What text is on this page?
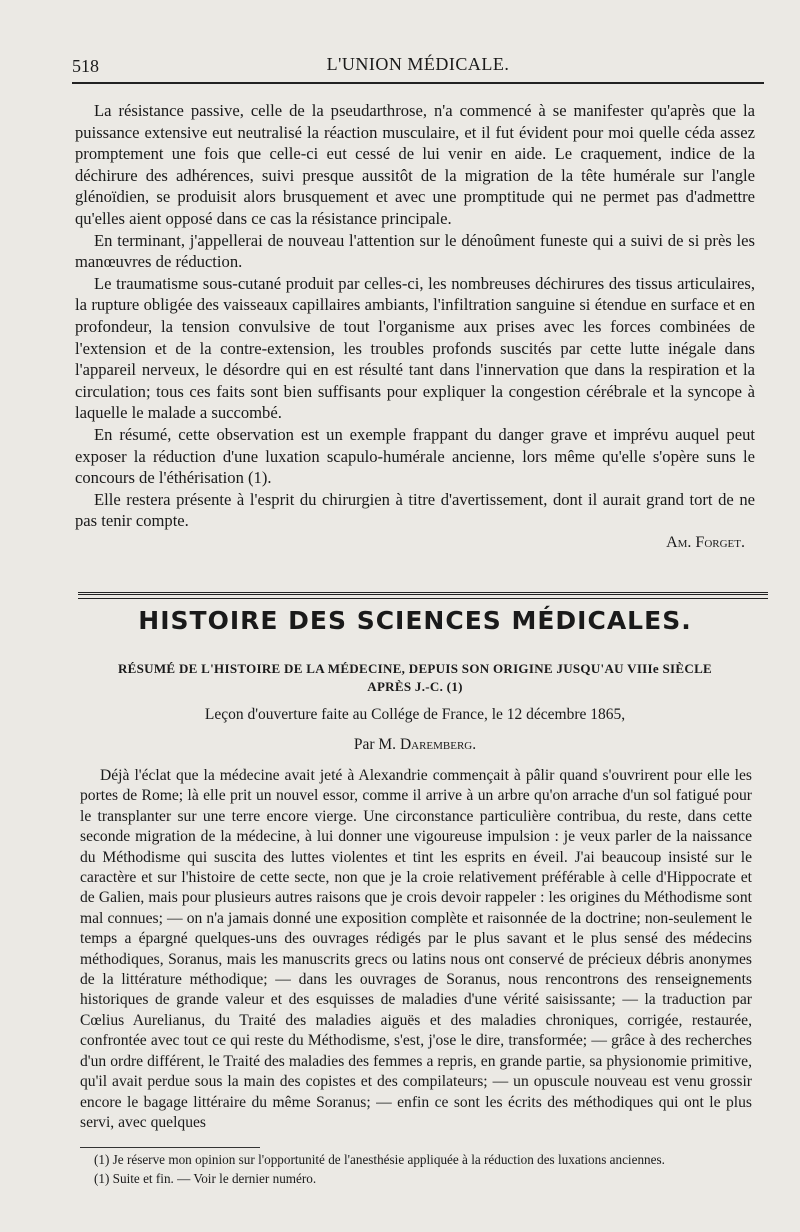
518	L'UNION MÉDICALE.

La résistance passive, celle de la pseudarthrose, n'a commencé à se manifester qu'après que la puissance extensive eut neutralisé la réaction musculaire, et il fut évident pour moi quelle céda assez promptement une fois que celle-ci eut cessé de lui venir en aide. Le craquement, indice de la déchirure des adhérences, suivi presque aussitôt de la migration de la tête humérale sur l'angle glénoïdien, se produisit alors brusquement et avec une promptitude qui ne permet pas d'admettre qu'elles aient opposé dans ce cas la résistance principale.

En terminant, j'appellerai de nouveau l'attention sur le dénoûment funeste qui a suivi de si près les manœuvres de réduction.

Le traumatisme sous-cutané produit par celles-ci, les nombreuses déchirures des tissus articulaires, la rupture obligée des vaisseaux capillaires ambiants, l'infiltration sanguine si étendue en surface et en profondeur, la tension convulsive de tout l'organisme aux prises avec les forces combinées de l'extension et de la contre-extension, les troubles profonds suscités par cette lutte inégale dans l'appareil nerveux, le désordre qui en est résulté tant dans l'innervation que dans la respiration et la circulation; tous ces faits sont bien suffisants pour expliquer la congestion cérébrale et la syncope à laquelle le malade a succombé.

En résumé, cette observation est un exemple frappant du danger grave et imprévu auquel peut exposer la réduction d'une luxation scapulo-humérale ancienne, lors même qu'elle s'opère suns le concours de l'éthérisation (1).

Elle restera présente à l'esprit du chirurgien à titre d'avertissement, dont il aurait grand tort de ne pas tenir compte.

Am. Forget.
HISTOIRE DES SCIENCES MÉDICALES.
RÉSUMÉ DE L'HISTOIRE DE LA MÉDECINE, DEPUIS SON ORIGINE JUSQU'AU VIIIe SIÈCLE
APRÈS J.-C. (1)
Leçon d'ouverture faite au Collége de France, le 12 décembre 1865,
Par M. Daremberg.

Déjà l'éclat que la médecine avait jeté à Alexandrie commençait à pâlir quand s'ouvrirent pour elle les portes de Rome; là elle prit un nouvel essor, comme il arrive à un arbre qu'on arrache d'un sol fatigué pour le transplanter sur une terre encore vierge. Une circonstance particulière contribua, du reste, dans cette seconde migration de la médecine, à lui donner une vigoureuse impulsion : je veux parler de la naissance du Méthodisme qui suscita des luttes violentes et tint les esprits en éveil. J'ai beaucoup insisté sur le caractère et sur l'histoire de cette secte, non que je la croie relativement préférable à celle d'Hippocrate et de Galien, mais pour plusieurs autres raisons que je crois devoir rappeler : les origines du Méthodisme sont mal connues; — on n'a jamais donné une exposition complète et raisonnée de la doctrine; non-seulement le temps a épargné quelques-uns des ouvrages rédigés par le plus savant et le plus sensé des médecins méthodiques, Soranus, mais les manuscrits grecs ou latins nous ont conservé de précieux débris anonymes de la littérature méthodique; — dans les ouvrages de Soranus, nous rencontrons des renseignements historiques de grande valeur et des esquisses de maladies d'une vérité saisissante; — la traduction par Cœlius Aurelianus, du Traité des maladies aiguës et des maladies chroniques, corrigée, restaurée, confrontée avec tout ce qui reste du Méthodisme, s'est, j'ose le dire, transformée; — grâce à des recherches d'un ordre différent, le Traité des maladies des femmes a repris, en grande partie, sa physionomie primitive, qu'il avait perdue sous la main des copistes et des compilateurs; — un opuscule nouveau est venu grossir encore le bagage littéraire du même Soranus; — enfin ce sont les écrits des méthodiques qui ont le plus servi, avec quelques

(1) Je réserve mon opinion sur l'opportunité de l'anesthésie appliquée à la réduction des luxations anciennes.

(1) Suite et fin. — Voir le dernier numéro.
